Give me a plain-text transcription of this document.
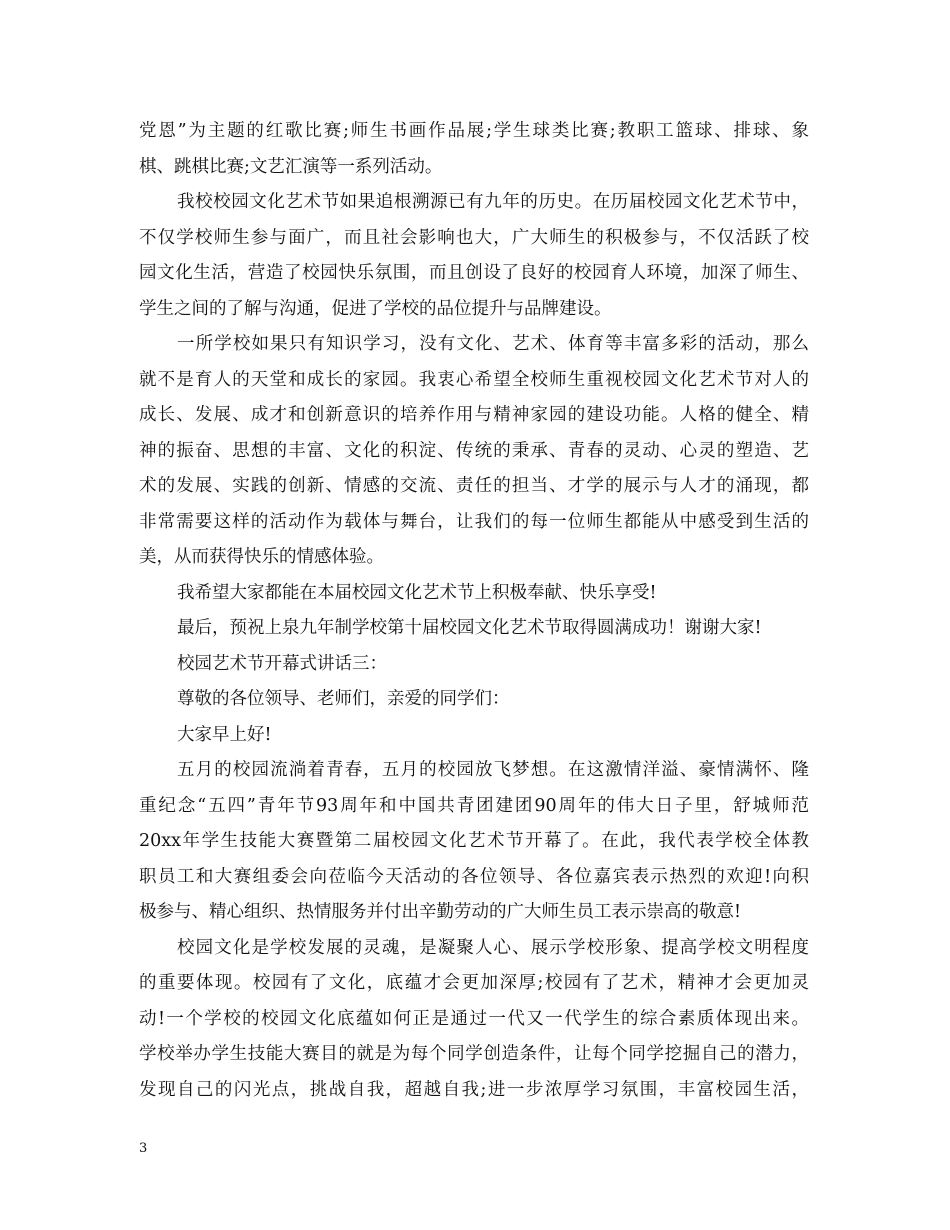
党恩”为主题的红歌比赛;师生书画作品展;学生球类比赛;教职工篮球、排球、象
棋、跳棋比赛;文艺汇演等一系列活动。
我校校园文化艺术节如果追根溯源已有九年的历史。在历届校园文化艺术节中，
不仅学校师生参与面广，而且社会影响也大，广大师生的积极参与，不仅活跃了校
园文化生活，营造了校园快乐氛围，而且创设了良好的校园育人环境，加深了师生、
学生之间的了解与沟通，促进了学校的品位提升与品牌建设。
一所学校如果只有知识学习，没有文化、艺术、体育等丰富多彩的活动，那么
就不是育人的天堂和成长的家园。我衷心希望全校师生重视校园文化艺术节对人的
成长、发展、成才和创新意识的培养作用与精神家园的建设功能。人格的健全、精
神的振奋、思想的丰富、文化的积淀、传统的秉承、青春的灵动、心灵的塑造、艺
术的发展、实践的创新、情感的交流、责任的担当、才学的展示与人才的涌现，都
非常需要这样的活动作为载体与舞台，让我们的每一位师生都能从中感受到生活的
美，从而获得快乐的情感体验。
我希望大家都能在本届校园文化艺术节上积极奉献、快乐享受!
最后，预祝上泉九年制学校第十届校园文化艺术节取得圆满成功！谢谢大家!
校园艺术节开幕式讲话三：
尊敬的各位领导、老师们，亲爱的同学们：
大家早上好!
五月的校园流淌着青春，五月的校园放飞梦想。在这激情洋溢、豪情满怀、隆
重纪念“五四”青年节93周年和中国共青团建团90周年的伟大日子里，舒城师范
20xx年学生技能大赛暨第二届校园文化艺术节开幕了。在此，我代表学校全体教
职员工和大赛组委会向莅临今天活动的各位领导、各位嘉宾表示热烈的欢迎!向积
极参与、精心组织、热情服务并付出辛勤劳动的广大师生员工表示崇高的敬意!
校园文化是学校发展的灵魂，是凝聚人心、展示学校形象、提高学校文明程度
的重要体现。校园有了文化，底蕴才会更加深厚;校园有了艺术，精神才会更加灵
动!一个学校的校园文化底蕴如何正是通过一代又一代学生的综合素质体现出来。
学校举办学生技能大赛目的就是为每个同学创造条件，让每个同学挖掘自己的潜力，
发现自己的闪光点，挑战自我，超越自我;进一步浓厚学习氛围，丰富校园生活，
3
